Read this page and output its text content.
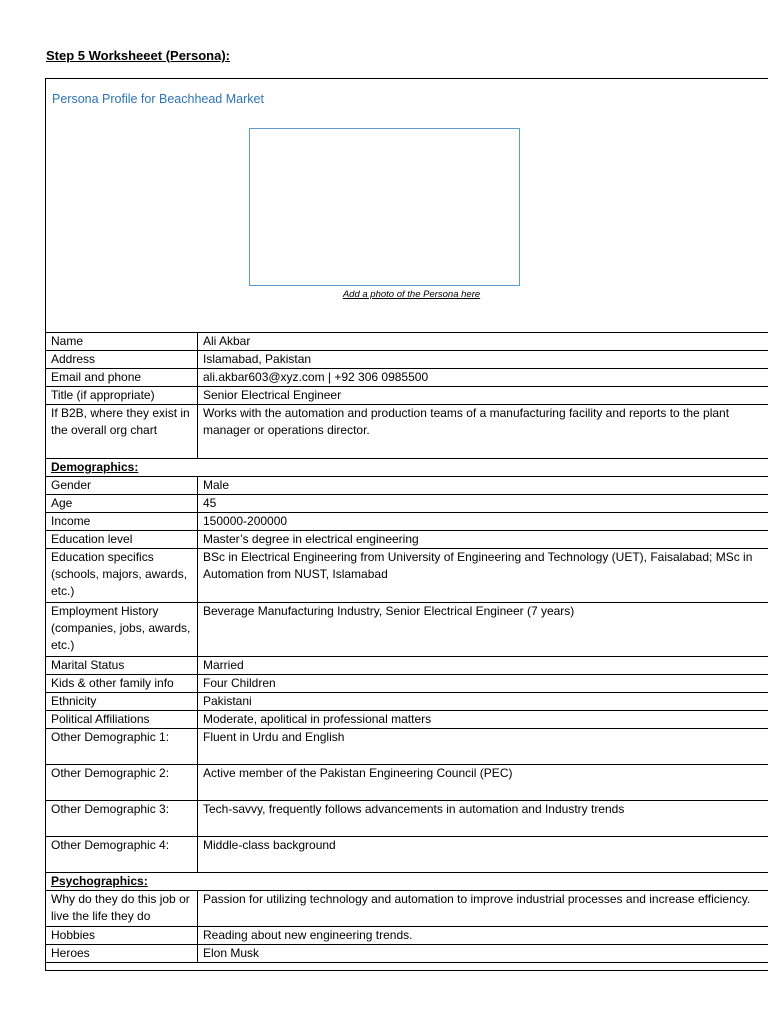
Step 5 Worksheeet (Persona):
Persona Profile for Beachhead Market
Add a photo of the Persona here
Name	Ali Akbar
Address	Islamabad, Pakistan
Email and phone	ali.akbar603@xyz.com | +92 306 0985500
Title (if appropriate)	Senior Electrical Engineer
If B2B, where they exist in the overall org chart	Works with the automation and production teams of a manufacturing facility and reports to the plant manager or operations director.
Demographics:	
Gender	Male
Age	45
Income	150000-200000
Education level	Master’s degree in electrical engineering
Education specifics (schools, majors, awards, etc.)	BSc in Electrical Engineering from University of Engineering and Technology (UET), Faisalabad; MSc in Automation from NUST, Islamabad
Employment History (companies, jobs, awards, etc.)	Beverage Manufacturing Industry, Senior Electrical Engineer (7 years)
Marital Status	Married
Kids & other family info	Four Children
Ethnicity	Pakistani
Political Affiliations	Moderate, apolitical in professional matters
Other Demographic 1:	Fluent in Urdu and English
Other Demographic 2:	Active member of the Pakistan Engineering Council (PEC)
Other Demographic 3:	Tech-savvy, frequently follows advancements in automation and Industry trends
Other Demographic 4:	Middle-class background
Psychographics:	
Why do they do this job or live the life they do	Passion for utilizing technology and automation to improve industrial processes and increase efficiency.
Hobbies	Reading about new engineering trends.
Heroes	Elon Musk
